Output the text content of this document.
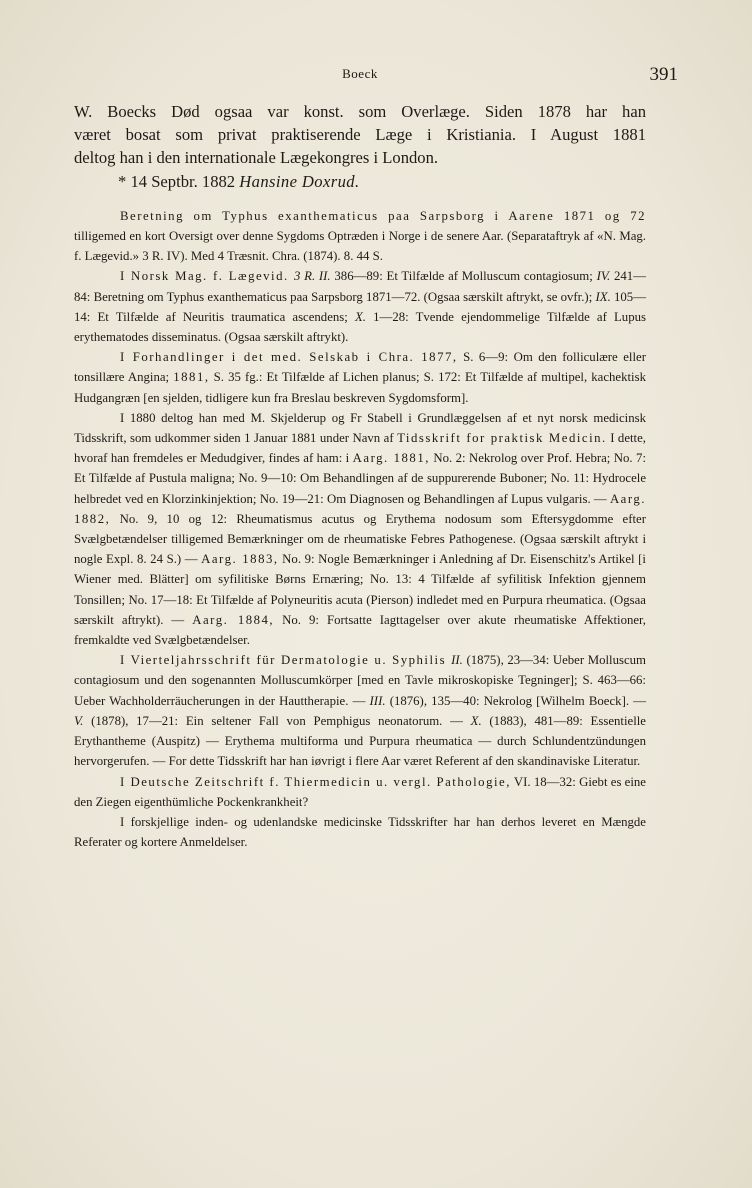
Boeck	391

W. Boecks Død ogsaa var konst. som Overlæge. Siden 1878 har han

været bosat som privat praktiserende Læge i Kristiania. I August 1881

deltog han i den internationale Lægekongres i London.

* 14 Septbr. 1882 Hansine Doxrud.

Beretning om Typhus exanthematicus paa Sarpsborg i Aarene 1871 og 72 tilligemed en kort Oversigt over denne Sygdoms Optræden i Norge i de senere Aar. (Separataftryk af «N. Mag. f. Lægevid.» 3 R. IV). Med 4 Træsnit. Chra. (1874). 8. 44 S.

I Norsk Mag. f. Lægevid. 3 R. II. 386—89: Et Tilfælde af Molluscum contagiosum; IV. 241—84: Beretning om Typhus exanthematicus paa Sarpsborg 1871—72. (Ogsaa særskilt aftrykt, se ovfr.); IX. 105—14: Et Tilfælde af Neuritis traumatica ascendens; X. 1—28: Tvende ejendommelige Tilfælde af Lupus erythematodes disseminatus. (Ogsaa særskilt aftrykt).

I Forhandlinger i det med. Selskab i Chra. 1877, S. 6—9: Om den folliculære eller tonsillære Angina; 1881, S. 35 fg.: Et Tilfælde af Lichen planus; S. 172: Et Tilfælde af multipel, kachektisk Hudgangræn [en sjelden, tidligere kun fra Breslau beskreven Sygdomsform].

I 1880 deltog han med M. Skjelderup og Fr Stabell i Grundlæggelsen af et nyt norsk medicinsk Tidsskrift, som udkommer siden 1 Januar 1881 under Navn af Tidsskrift for praktisk Medicin. I dette, hvoraf han fremdeles er Medudgiver, findes af ham: i Aarg. 1881, No. 2: Nekrolog over Prof. Hebra; No. 7: Et Tilfælde af Pustula maligna; No. 9—10: Om Behandlingen af de suppurerende Buboner; No. 11: Hydrocele helbredet ved en Klorzinkinjektion; No. 19—21: Om Diagnosen og Behandlingen af Lupus vulgaris. — Aarg. 1882, No. 9, 10 og 12: Rheumatismus acutus og Erythema nodosum som Eftersygdomme efter Svælgbetændelser tilligemed Bemærkninger om de rheumatiske Febres Pathogenese. (Ogsaa særskilt aftrykt i nogle Expl. 8. 24 S.) — Aarg. 1883, No. 9: Nogle Bemærkninger i Anledning af Dr. Eisenschitz's Artikel [i Wiener med. Blätter] om syfilitiske Børns Ernæring; No. 13: 4 Tilfælde af syfilitisk Infektion gjennem Tonsillen; No. 17—18: Et Tilfælde af Polyneuritis acuta (Pierson) indledet med en Purpura rheumatica. (Ogsaa særskilt aftrykt). — Aarg. 1884, No. 9: Fortsatte Iagttagelser over akute rheumatiske Affektioner, fremkaldte ved Svælgbetændelser.

I Vierteljahrsschrift für Dermatologie u. Syphilis II. (1875), 23—34: Ueber Molluscum contagiosum und den sogenannten Molluscumkörper [med en Tavle mikroskopiske Tegninger]; S. 463—66: Ueber Wachholderräucherungen in der Hauttherapie. — III. (1876), 135—40: Nekrolog [Wilhelm Boeck]. — V. (1878), 17—21: Ein seltener Fall von Pemphigus neonatorum. — X. (1883), 481—89: Essentielle Erythantheme (Auspitz) — Erythema multiforma und Purpura rheumatica — durch Schlundentzündungen hervorgerufen. — For dette Tidsskrift har han iøvrigt i flere Aar været Referent af den skandinaviske Literatur.

I Deutsche Zeitschrift f. Thiermedicin u. vergl. Pathologie, VI. 18—32: Giebt es eine den Ziegen eigenthümliche Pockenkrankheit?

I forskjellige inden- og udenlandske medicinske Tidsskrifter har han derhos leveret en Mængde Referater og kortere Anmeldelser.
